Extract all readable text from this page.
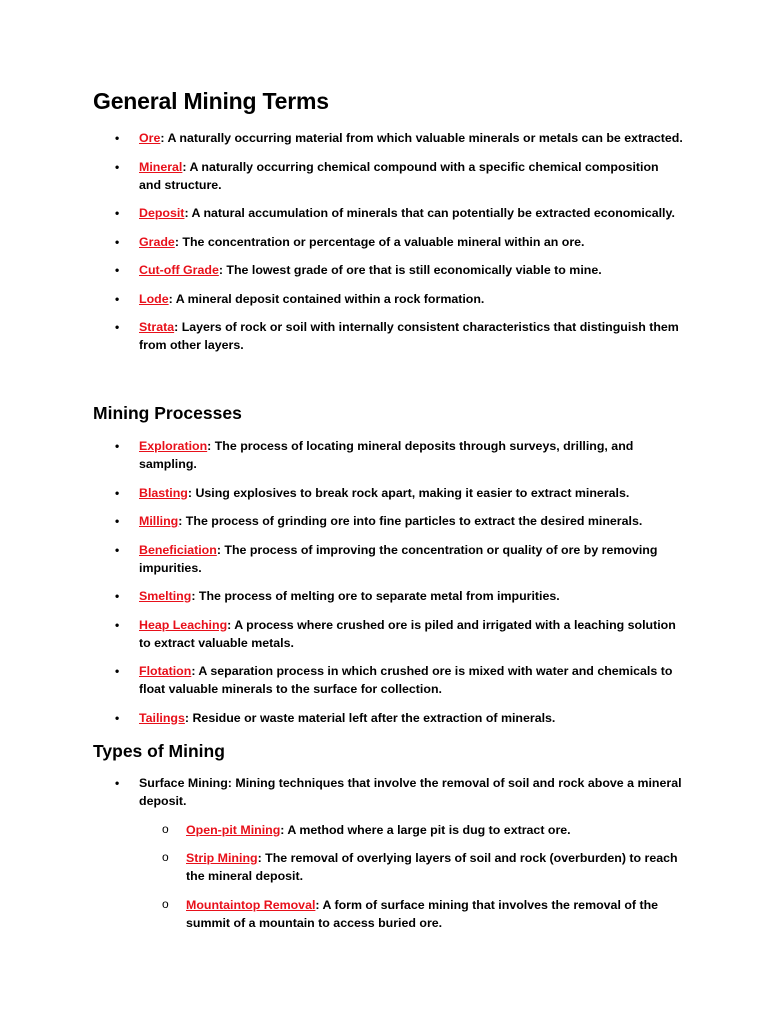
General Mining Terms
• Ore: A naturally occurring material from which valuable minerals or metals can be extracted.
• Mineral: A naturally occurring chemical compound with a specific chemical composition and structure.
• Deposit: A natural accumulation of minerals that can potentially be extracted economically.
• Grade: The concentration or percentage of a valuable mineral within an ore.
• Cut-off Grade: The lowest grade of ore that is still economically viable to mine.
• Lode: A mineral deposit contained within a rock formation.
• Strata: Layers of rock or soil with internally consistent characteristics that distinguish them from other layers.
Mining Processes
• Exploration: The process of locating mineral deposits through surveys, drilling, and sampling.
• Blasting: Using explosives to break rock apart, making it easier to extract minerals.
• Milling: The process of grinding ore into fine particles to extract the desired minerals.
• Beneficiation: The process of improving the concentration or quality of ore by removing impurities.
• Smelting: The process of melting ore to separate metal from impurities.
• Heap Leaching: A process where crushed ore is piled and irrigated with a leaching solution to extract valuable metals.
• Flotation: A separation process in which crushed ore is mixed with water and chemicals to float valuable minerals to the surface for collection.
• Tailings: Residue or waste material left after the extraction of minerals.
Types of Mining
• Surface Mining: Mining techniques that involve the removal of soil and rock above a mineral deposit.
o Open-pit Mining: A method where a large pit is dug to extract ore.
o Strip Mining: The removal of overlying layers of soil and rock (overburden) to reach the mineral deposit.
o Mountaintop Removal: A form of surface mining that involves the removal of the summit of a mountain to access buried ore.
